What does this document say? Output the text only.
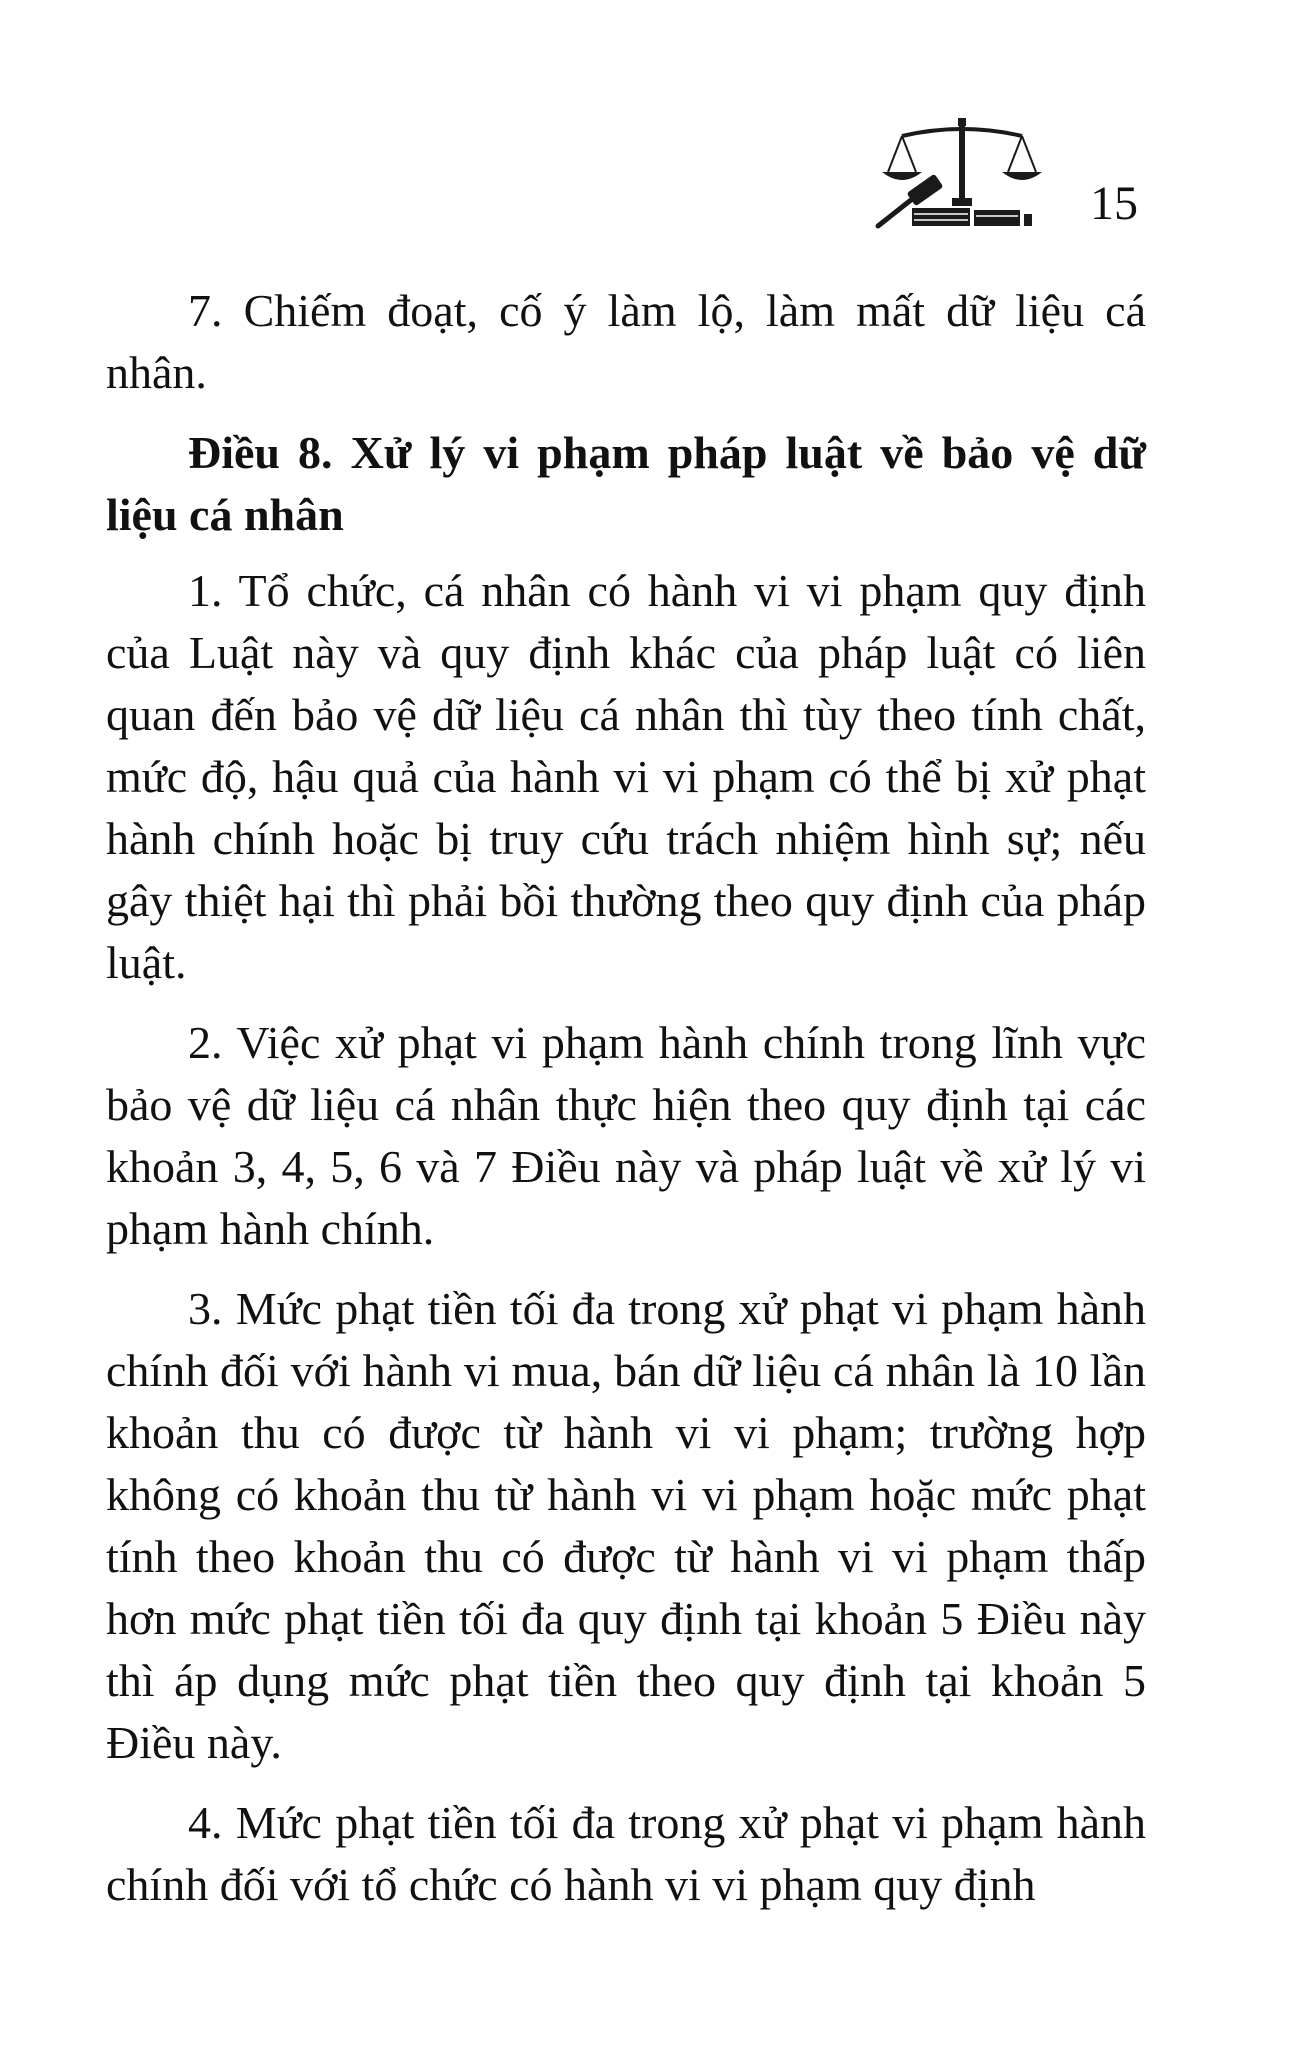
15

7. Chiếm đoạt, cố ý làm lộ, làm mất dữ liệu cá nhân.

Điều 8. Xử lý vi phạm pháp luật về bảo vệ dữ liệu cá nhân

1. Tổ chức, cá nhân có hành vi vi phạm quy định của Luật này và quy định khác của pháp luật có liên quan đến bảo vệ dữ liệu cá nhân thì tùy theo tính chất, mức độ, hậu quả của hành vi vi phạm có thể bị xử phạt hành chính hoặc bị truy cứu trách nhiệm hình sự; nếu gây thiệt hại thì phải bồi thường theo quy định của pháp luật.

2. Việc xử phạt vi phạm hành chính trong lĩnh vực bảo vệ dữ liệu cá nhân thực hiện theo quy định tại các khoản 3, 4, 5, 6 và 7 Điều này và pháp luật về xử lý vi phạm hành chính.

3. Mức phạt tiền tối đa trong xử phạt vi phạm hành chính đối với hành vi mua, bán dữ liệu cá nhân là 10 lần khoản thu có được từ hành vi vi phạm; trường hợp không có khoản thu từ hành vi vi phạm hoặc mức phạt tính theo khoản thu có được từ hành vi vi phạm thấp hơn mức phạt tiền tối đa quy định tại khoản 5 Điều này thì áp dụng mức phạt tiền theo quy định tại khoản 5 Điều này.

4. Mức phạt tiền tối đa trong xử phạt vi phạm hành chính đối với tổ chức có hành vi vi phạm quy định
